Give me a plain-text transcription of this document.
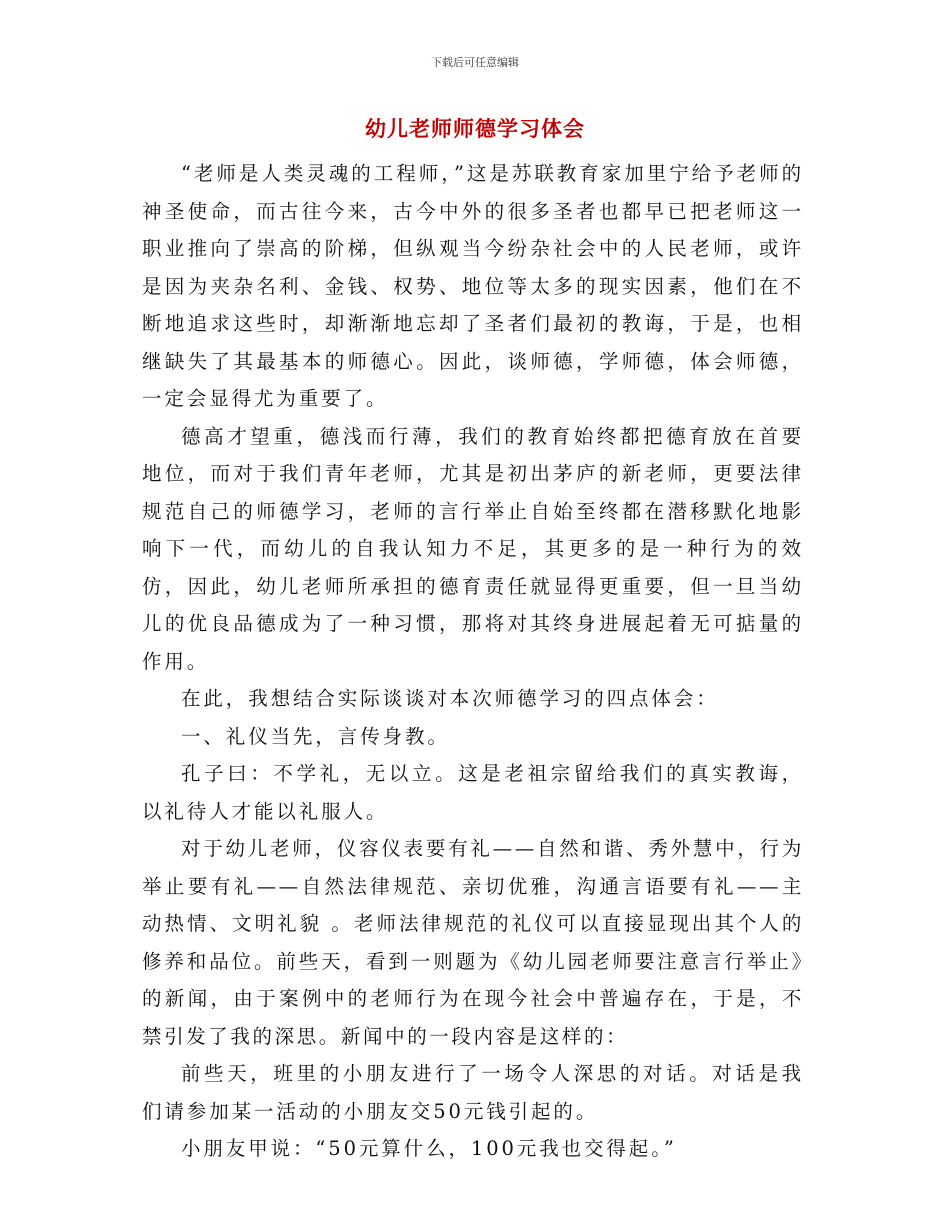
下载后可任意编辑
幼儿老师师德学习体会

“老师是人类灵魂的工程师，”这是苏联教育家加里宁给予老师的神圣使命，而古往今来，古今中外的很多圣者也都早已把老师这一职业推向了崇高的阶梯，但纵观当今纷杂社会中的人民老师，或许是因为夹杂名利、金钱、权势、地位等太多的现实因素，他们在不断地追求这些时，却渐渐地忘却了圣者们最初的教诲，于是，也相继缺失了其最基本的师德心。因此，谈师德，学师德，体会师德，一定会显得尤为重要了。

德高才望重，德浅而行薄，我们的教育始终都把德育放在首要地位，而对于我们青年老师，尤其是初出茅庐的新老师，更要法律规范自己的师德学习，老师的言行举止自始至终都在潜移默化地影响下一代，而幼儿的自我认知力不足，其更多的是一种行为的效仿，因此，幼儿老师所承担的德育责任就显得更重要，但一旦当幼儿的优良品德成为了一种习惯，那将对其终身进展起着无可掂量的作用。

在此，我想结合实际谈谈对本次师德学习的四点体会：

一、礼仪当先，言传身教。

孔子曰：不学礼，无以立。这是老祖宗留给我们的真实教诲，以礼待人才能以礼服人。

对于幼儿老师，仪容仪表要有礼——自然和谐、秀外慧中，行为举止要有礼——自然法律规范、亲切优雅，沟通言语要有礼——主动热情、文明礼貌 。老师法律规范的礼仪可以直接显现出其个人的修养和品位。前些天，看到一则题为《幼儿园老师要注意言行举止》的新闻，由于案例中的老师行为在现今社会中普遍存在，于是，不禁引发了我的深思。新闻中的一段内容是这样的：

前些天，班里的小朋友进行了一场令人深思的对话。对话是我们请参加某一活动的小朋友交50元钱引起的。

小朋友甲说：“50元算什么，100元我也交得起。”
